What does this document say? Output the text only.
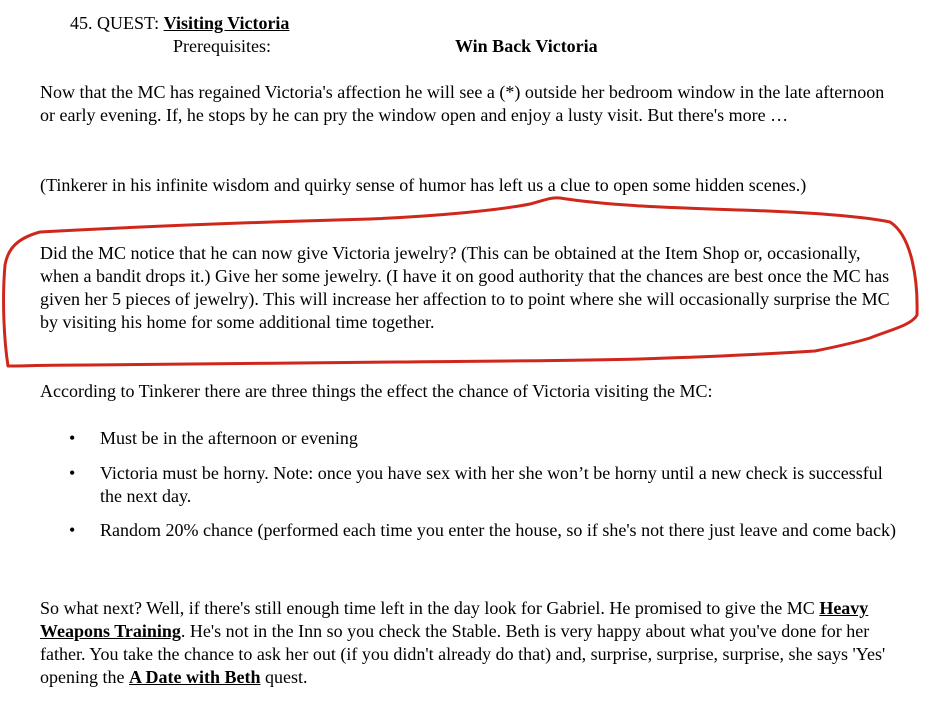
45. QUEST: Visiting Victoria
Prerequisites:	Win Back Victoria

Now that the MC has regained Victoria's affection he will see a (*) outside her bedroom window in the late afternoon or early evening. If, he stops by he can pry the window open and enjoy a lusty visit. But there's more …

(Tinkerer in his infinite wisdom and quirky sense of humor has left us a clue to open some hidden scenes.)

Did the MC notice that he can now give Victoria jewelry? (This can be obtained at the Item Shop or, occasionally, when a bandit drops it.) Give her some jewelry. (I have it on good authority that the chances are best once the MC has given her 5 pieces of jewelry). This will increase her affection to to point where she will occasionally surprise the MC by visiting his home for some additional time together.

According to Tinkerer there are three things the effect the chance of Victoria visiting the MC:

• Must be in the afternoon or evening
• Victoria must be horny. Note: once you have sex with her she won’t be horny until a new check is successful the next day.
• Random 20% chance (performed each time you enter the house, so if she's not there just leave and come back)

So what next? Well, if there's still enough time left in the day look for Gabriel. He promised to give the MC Heavy Weapons Training. He's not in the Inn so you check the Stable. Beth is very happy about what you've done for her father. You take the chance to ask her out (if you didn't already do that) and, surprise, surprise, surprise, she says 'Yes' opening the A Date with Beth quest.
